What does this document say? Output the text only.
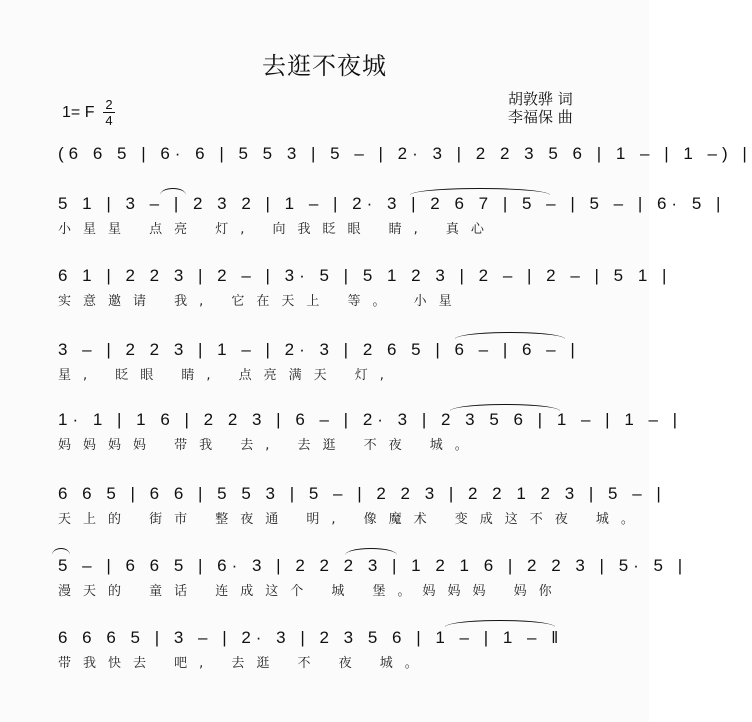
去逛不夜城
1= F 2
4
胡敦骅 词
李福保 曲
(6 6 5 | 6· 6 | 5 5 3 | 5 – | 2· 3 | 2 2 3 5 6 | 1 – | 1 –) |
5 1 | 3 – | 2 3 2 | 1 – | 2· 3 | 2 6 7 | 5 – | 5 – | 6· 5 |
小星星 点亮 灯, 向我眨眼 睛, 真心
6 1 | 2 2 3 | 2 – | 3· 5 | 5 1 2 3 | 2 – | 2 – | 5 1 |
实意邀请 我, 它在天上 等。 小星
3 – | 2 2 3 | 1 – | 2· 3 | 2 6 5 | 6 – | 6 – |
星, 眨眼 睛, 点亮满天 灯,
1· 1 | 1 6 | 2 2 3 | 6 – | 2· 3 | 2 3 5 6 | 1 – | 1 – |
妈妈妈妈 带我 去, 去逛 不夜 城。
6 6 5 | 6 6 | 5 5 3 | 5 – | 2 2 3 | 2 2 1 2 3 | 5 – |
天上的 街市 整夜通 明, 像魔术 变成这不夜 城。
5 – | 6 6 5 | 6· 3 | 2 2 2 3 | 1 2 1 6 | 2 2 3 | 5· 5 |
漫天的 童话 连成这个 城 堡。妈妈妈 妈你
6 6 6 5 | 3 – | 2· 3 | 2 3 5 6 | 1 – | 1 – ‖
带我快去 吧, 去逛 不 夜 城。
